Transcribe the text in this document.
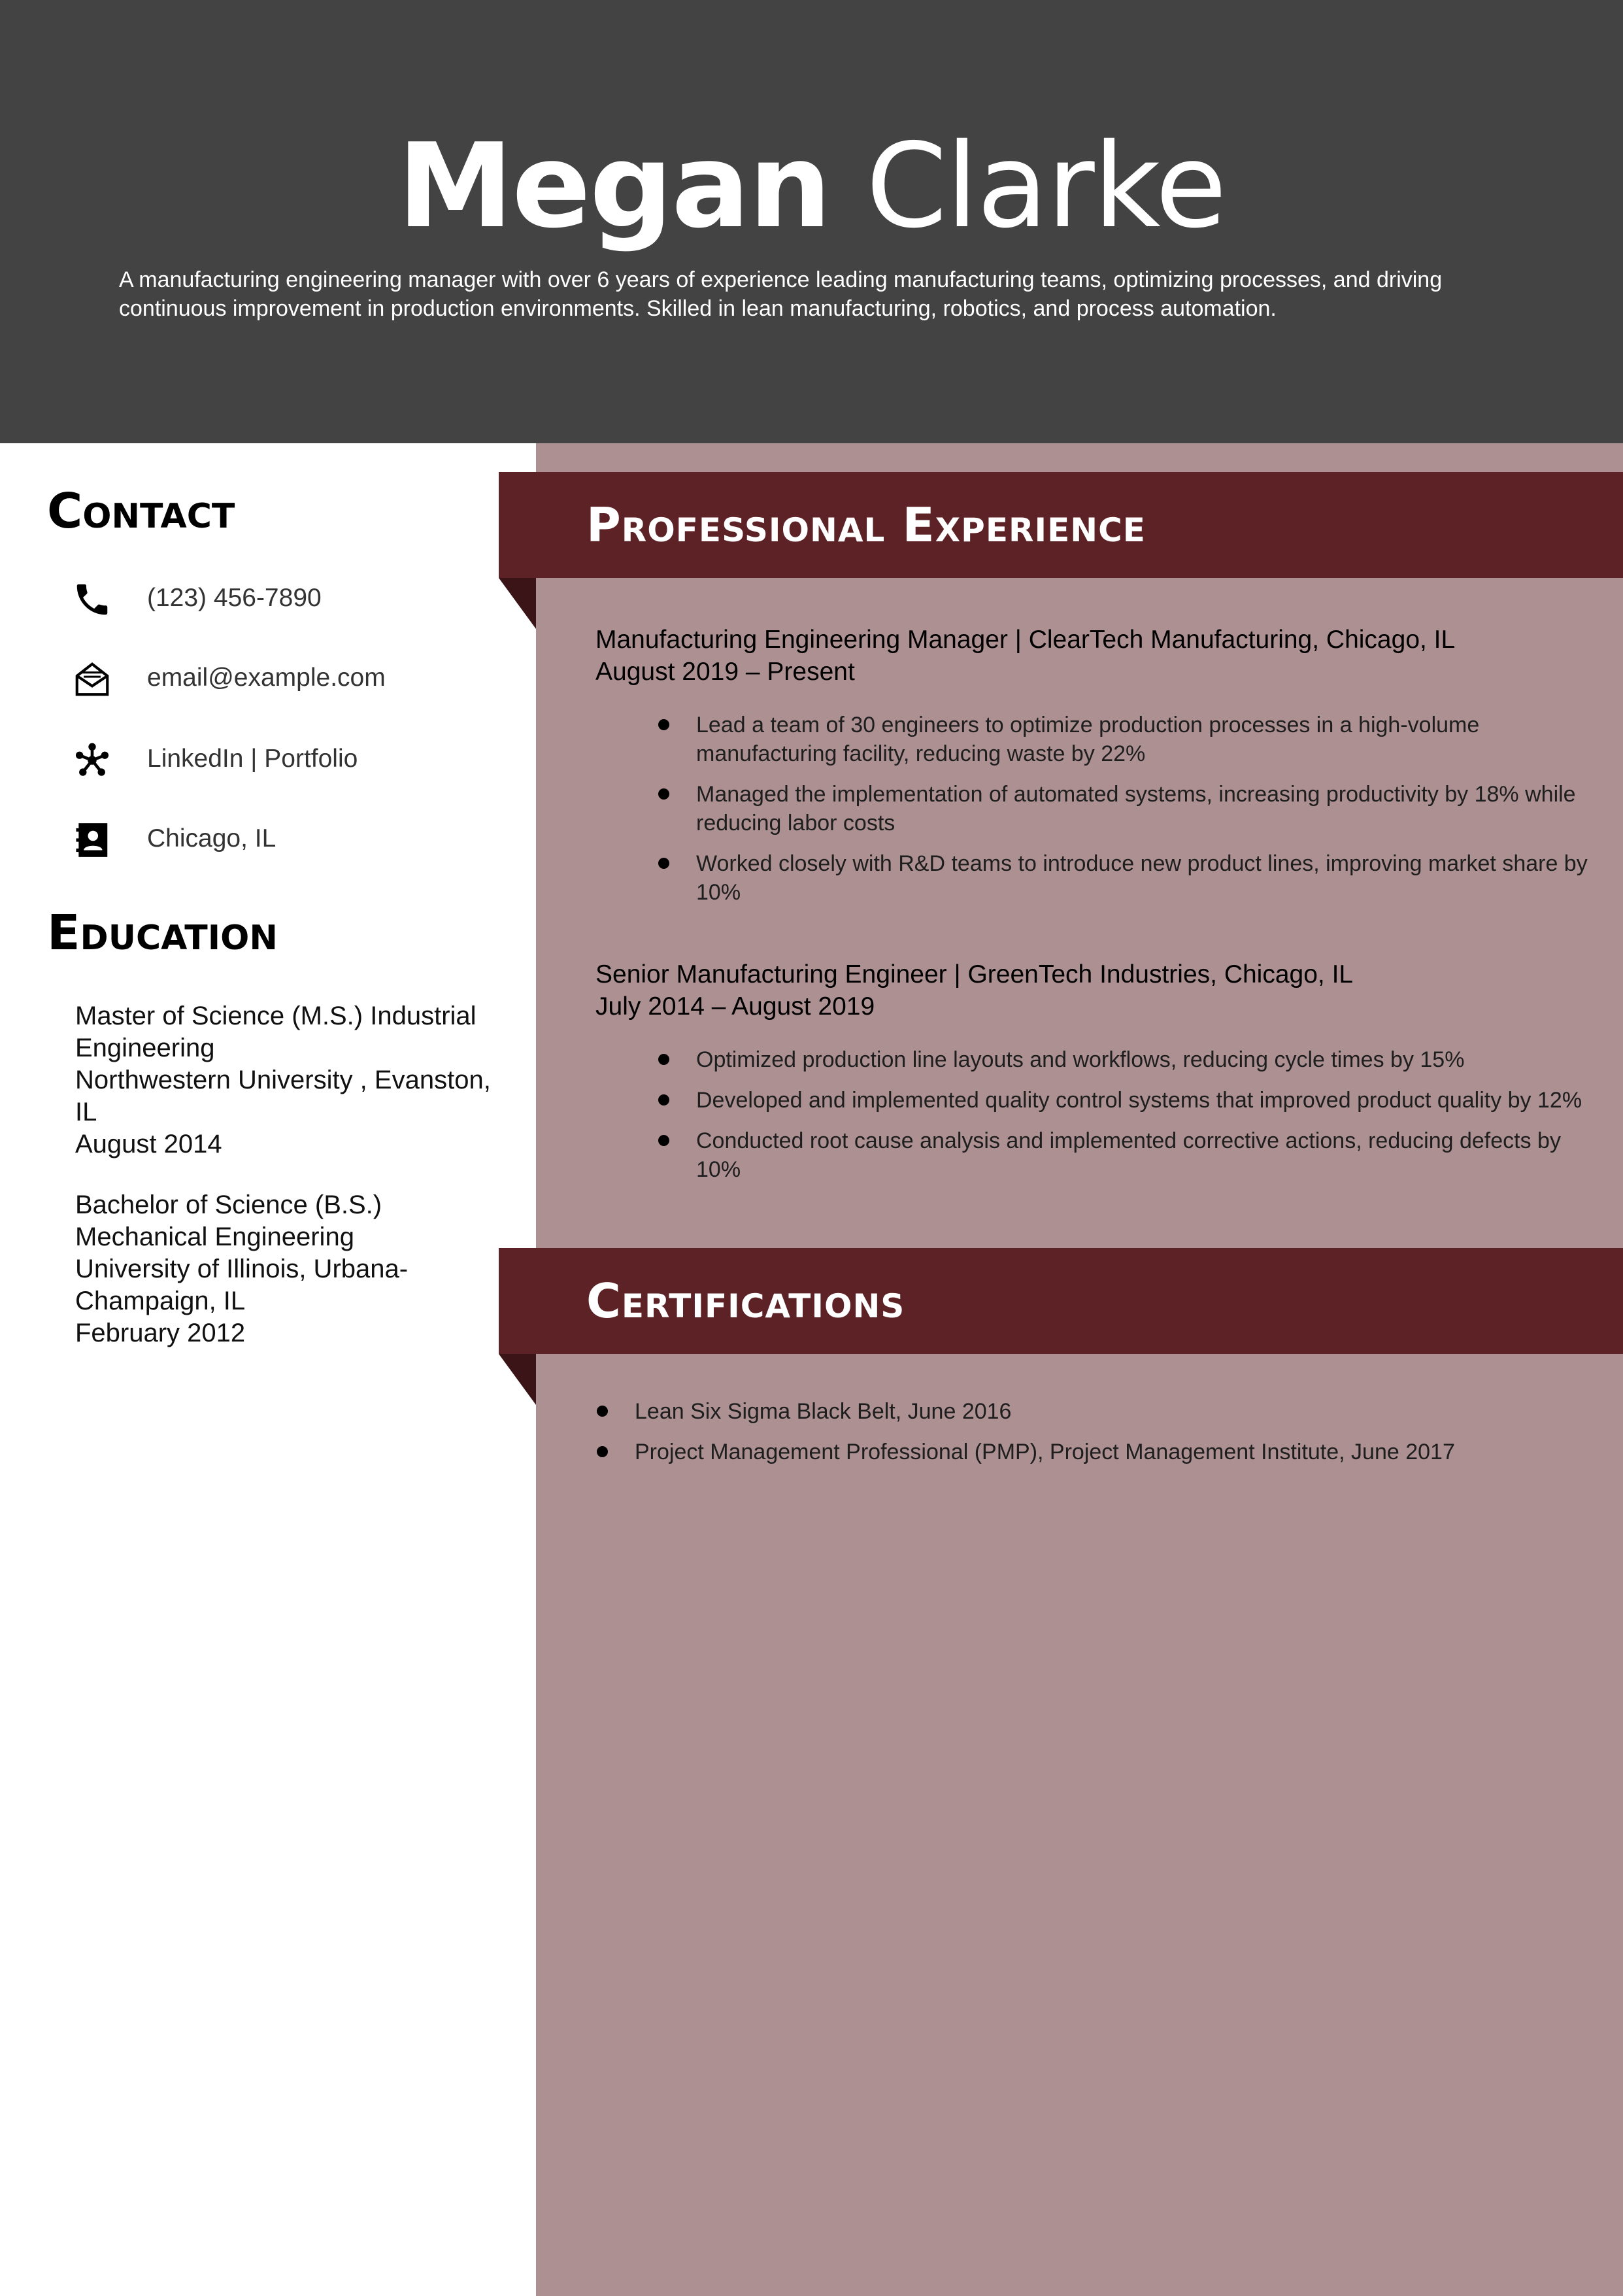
Megan Clarke
A manufacturing engineering manager with over 6 years of experience leading manufacturing teams, optimizing processes, and driving continuous improvement in production environments. Skilled in lean manufacturing, robotics, and process automation.
Contact
(123) 456-7890
email@example.com
LinkedIn | Portfolio
Chicago, IL
Education
Master of Science (M.S.) Industrial Engineering
Northwestern University , Evanston, IL
August 2014
Bachelor of Science (B.S.) Mechanical Engineering
University of Illinois, Urbana-Champaign, IL
February 2012
Professional Experience
Manufacturing Engineering Manager | ClearTech Manufacturing, Chicago, IL
August 2019 – Present
Lead a team of 30 engineers to optimize production processes in a high-volume manufacturing facility, reducing waste by 22%
Managed the implementation of automated systems, increasing productivity by 18% while reducing labor costs
Worked closely with R&D teams to introduce new product lines, improving market share by 10%
Senior Manufacturing Engineer | GreenTech Industries, Chicago, IL
July 2014 – August 2019
Optimized production line layouts and workflows, reducing cycle times by 15%
Developed and implemented quality control systems that improved product quality by 12%
Conducted root cause analysis and implemented corrective actions, reducing defects by 10%
Certifications
Lean Six Sigma Black Belt, June 2016
Project Management Professional (PMP), Project Management Institute, June 2017
